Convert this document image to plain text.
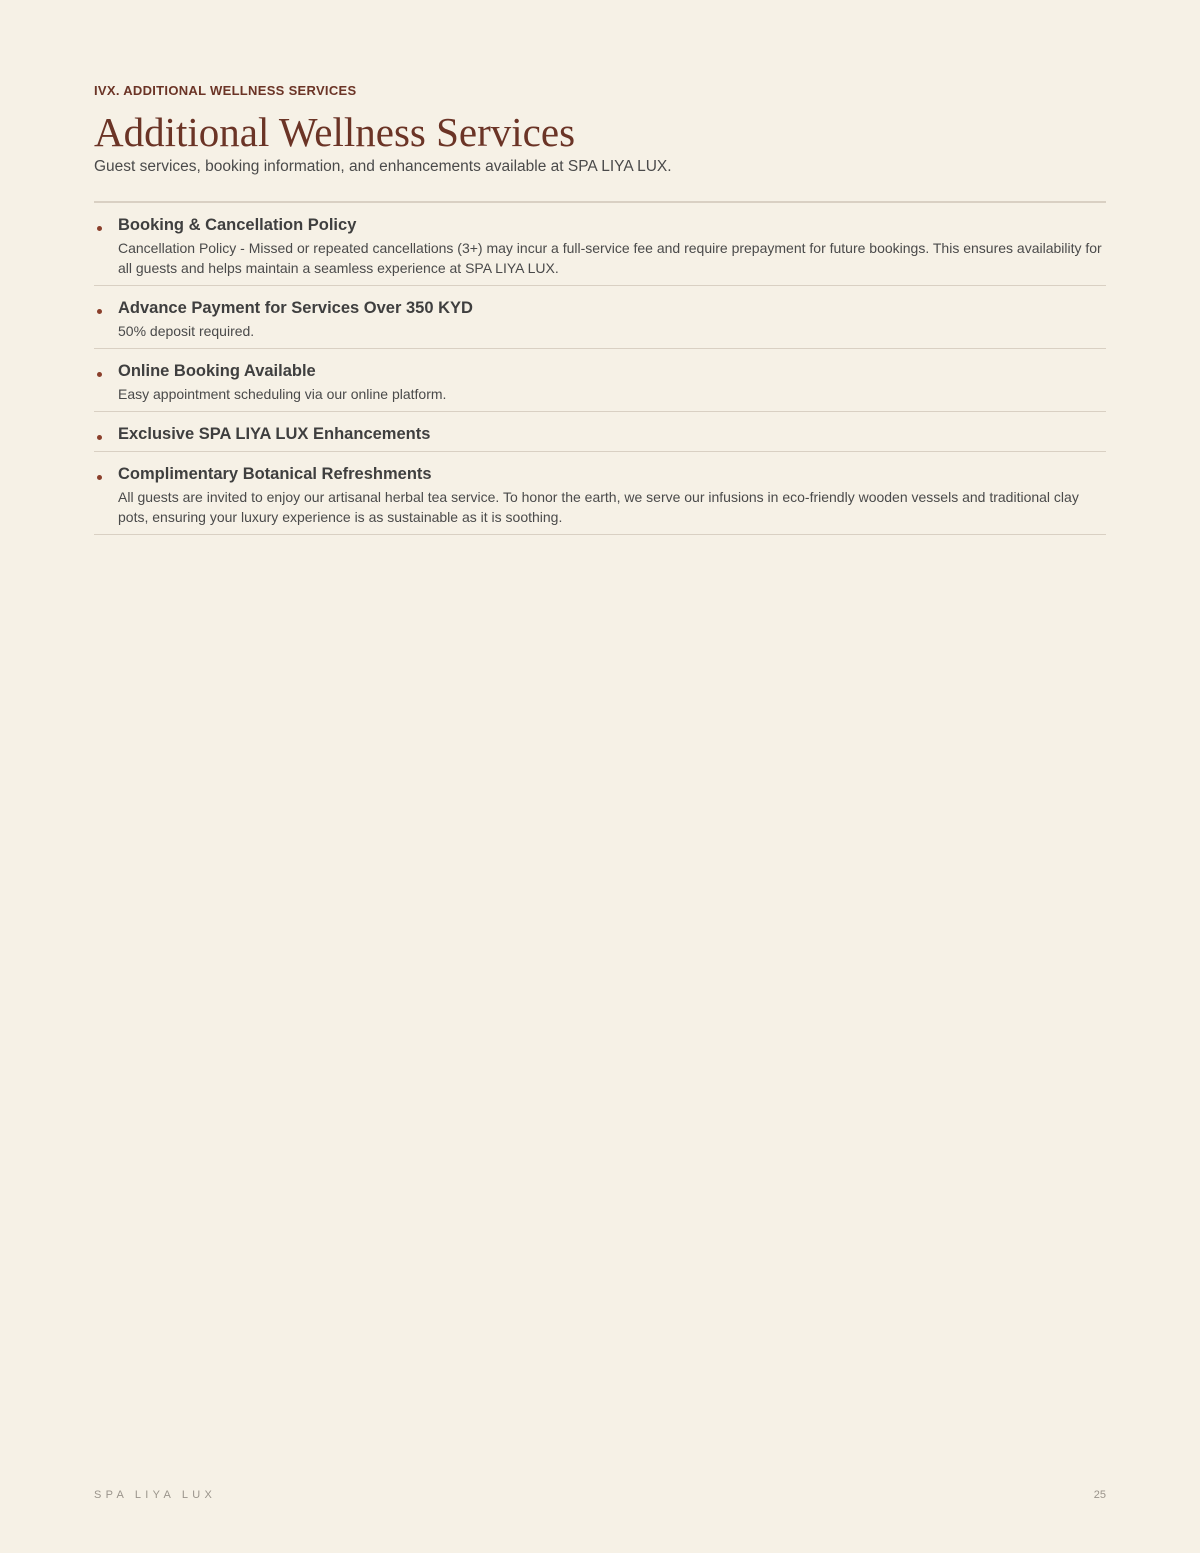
IVX. ADDITIONAL WELLNESS SERVICES

Additional Wellness Services

Guest services, booking information, and enhancements available at SPA LIYA LUX.

Booking & Cancellation Policy

Cancellation Policy - Missed or repeated cancellations (3+) may incur a full-service fee and require prepayment for future bookings. This ensures availability for all guests and helps maintain a seamless experience at SPA LIYA LUX.

Advance Payment for Services Over 350 KYD

50% deposit required.

Online Booking Available

Easy appointment scheduling via our online platform.

Exclusive SPA LIYA LUX Enhancements

Complimentary Botanical Refreshments

All guests are invited to enjoy our artisanal herbal tea service. To honor the earth, we serve our infusions in eco-friendly wooden vessels and traditional clay pots, ensuring your luxury experience is as sustainable as it is soothing.

SPA LIYA LUX	25
